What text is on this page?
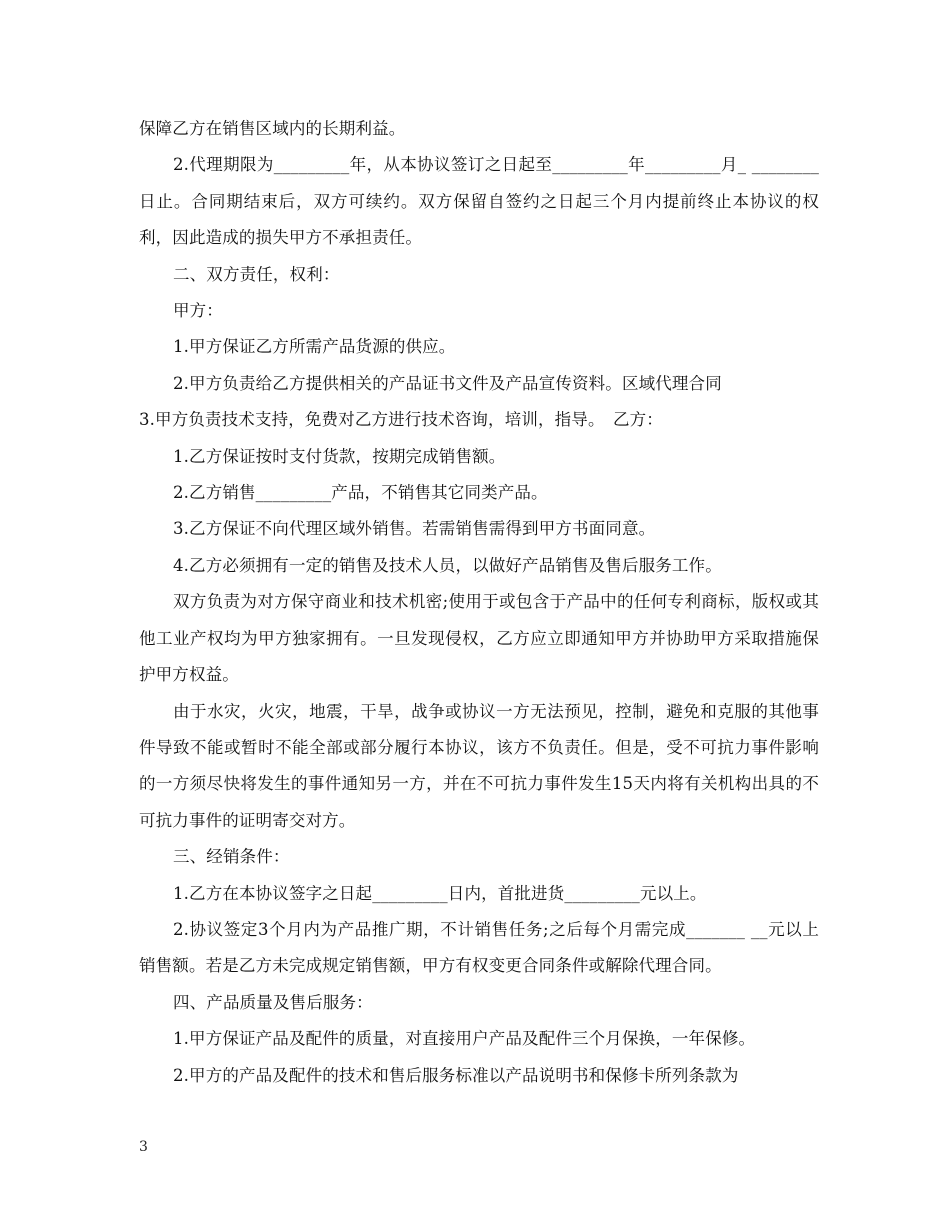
保障乙方在销售区域内的长期利益。

2.代理期限为_________年，从本协议签订之日起至_________年_________月_ ________日止。合同期结束后，双方可续约。双方保留自签约之日起三个月内提前终止本协议的权利，因此造成的损失甲方不承担责任。

二、双方责任，权利：

甲方：

1.甲方保证乙方所需产品货源的供应。

2.甲方负责给乙方提供相关的产品证书文件及产品宣传资料。区域代理合同

3.甲方负责技术支持，免费对乙方进行技术咨询，培训，指导。　乙方：

1.乙方保证按时支付货款，按期完成销售额。

2.乙方销售_________产品，不销售其它同类产品。

3.乙方保证不向代理区域外销售。若需销售需得到甲方书面同意。

4.乙方必须拥有一定的销售及技术人员，以做好产品销售及售后服务工作。

双方负责为对方保守商业和技术机密;使用于或包含于产品中的任何专利商标，版权或其他工业产权均为甲方独家拥有。一旦发现侵权，乙方应立即通知甲方并协助甲方采取措施保护甲方权益。

由于水灾，火灾，地震，干旱，战争或协议一方无法预见，控制，避免和克服的其他事件导致不能或暂时不能全部或部分履行本协议，该方不负责任。但是，受不可抗力事件影响的一方须尽快将发生的事件通知另一方，并在不可抗力事件发生15天内将有关机构出具的不可抗力事件的证明寄交对方。

三、经销条件：

1.乙方在本协议签字之日起_________日内，首批进货_________元以上。

2.协议签定3个月内为产品推广期，不计销售任务;之后每个月需完成_______ __元以上销售额。若是乙方未完成规定销售额，甲方有权变更合同条件或解除代理合同。

四、产品质量及售后服务：

1.甲方保证产品及配件的质量，对直接用户产品及配件三个月保换，一年保修。

2.甲方的产品及配件的技术和售后服务标准以产品说明书和保修卡所列条款为

3
